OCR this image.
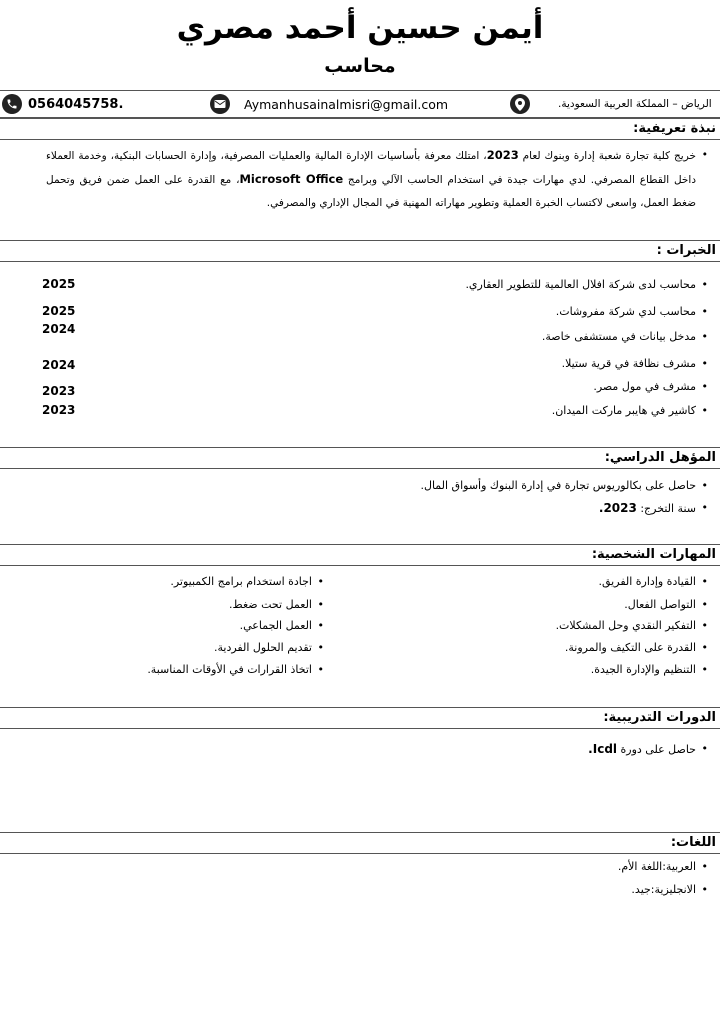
أيمن حسين أحمد مصري
محاسب
0564045758.	Aymanhusainalmisri@gmail.com	الرياض – المملكة العربية السعودية.
نبذة تعريفية:
• خريج كلية تجارة شعبة إدارة وبنوك لعام 2023، امتلك معرفة بأساسيات الإدارة المالية والعمليات المصرفية، وإدارة الحسابات البنكية، وخدمة العملاء داخل القطاع المصرفي. لدي مهارات جيدة في استخدام الحاسب الآلي وبرامج Microsoft Office، مع القدرة على العمل ضمن فريق وتحمل ضغط العمل، واسعى لاكتساب الخبرة العملية وتطوير مهاراته المهنية في المجال الإداري والمصرفي.
الخبرات :
محاسب لدى شركة افلال العالمية للتطوير العقاري. •
2025
محاسب لدي شركة مفروشات. •
2025
مدخل بيانات في مستشفى خاصة. •
2024
مشرف نظافة في قرية ستيلا. •
2024
مشرف في مول مصر. •
2023
كاشير في هايبر ماركت الميدان. •
2023
المؤهل الدراسي:
حاصل على بكالوريوس تجارة في إدارة البنوك وأسواق المال. •
سنة التخرج: 2023. •
المهارات الشخصية:
القيادة وإدارة الفريق. •
التواصل الفعال. •
التفكير النقدي وحل المشكلات. •
القدرة على التكيف والمرونة. •
التنظيم والإدارة الجيدة. •
اجادة استخدام برامج الكمبيوتر. •
العمل تحت ضغط. •
العمل الجماعي. •
تقديم الحلول الفردية. •
اتخاذ القرارات في الأوقات المناسبة. •
الدورات التدريبية:
حاصل على دورة Icdl. •
اللغات:
العربية:اللغة الأم. •
الانجليزية:جيد. •
